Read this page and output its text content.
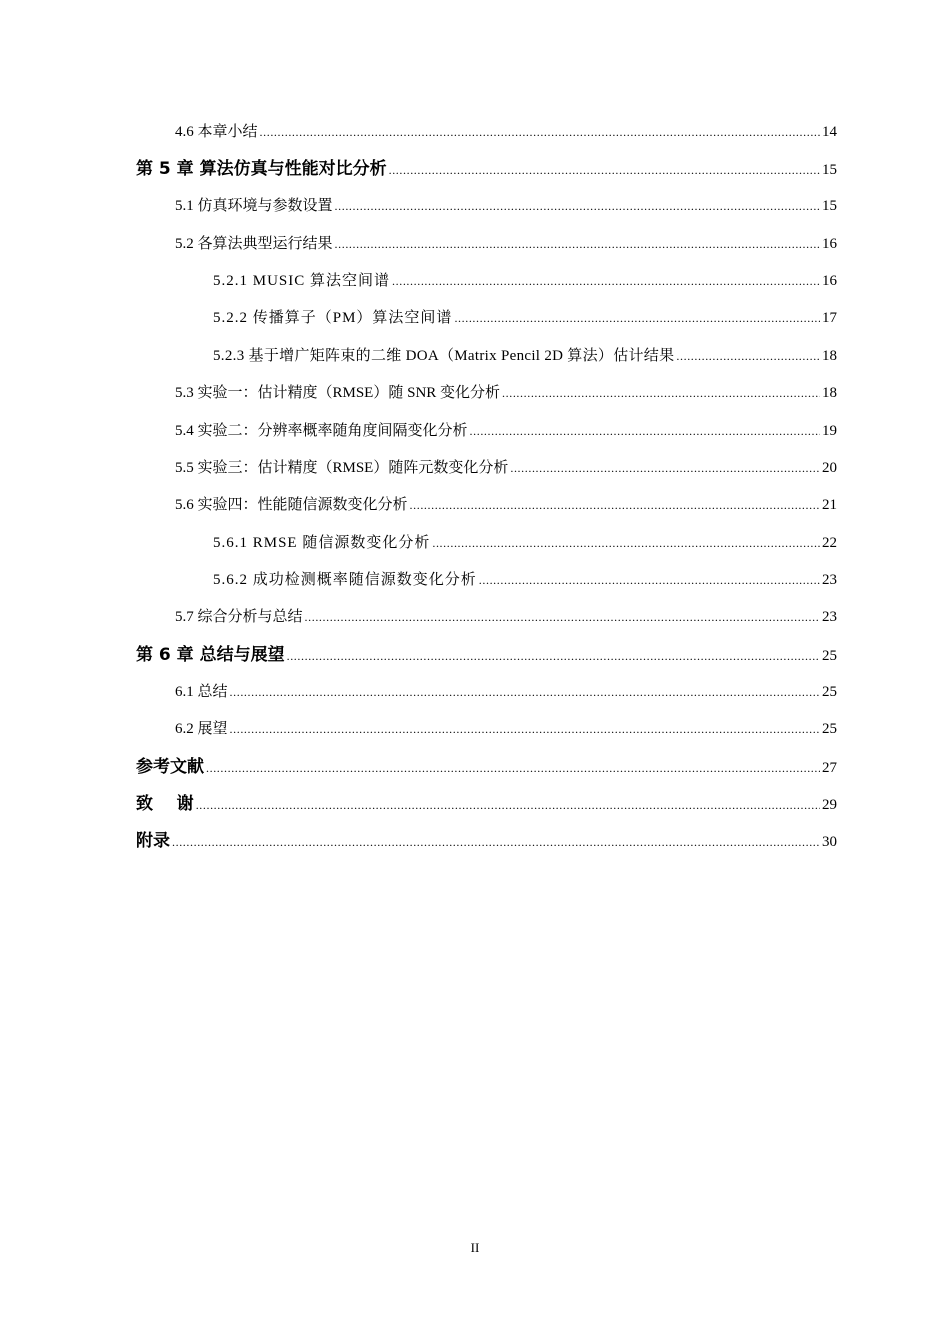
4.6 本章小结 .....	14
第 5 章 算法仿真与性能对比分析 .....	15
5.1 仿真环境与参数设置 .....	15
5.2 各算法典型运行结果 .....	16
5.2.1 MUSIC 算法空间谱 .....	16
5.2.2 传播算子（PM）算法空间谱 .....	17
5.2.3 基于增广矩阵束的二维 DOA（Matrix Pencil 2D 算法）估计结果 .....	18
5.3 实验一：估计精度（RMSE）随 SNR 变化分析 .....	18
5.4 实验二：分辨率概率随角度间隔变化分析 .....	19
5.5 实验三：估计精度（RMSE）随阵元数变化分析 .....	20
5.6 实验四：性能随信源数变化分析 .....	21
5.6.1 RMSE 随信源数变化分析 .....	22
5.6.2 成功检测概率随信源数变化分析 .....	23
5.7 综合分析与总结 .....	23
第 6 章 总结与展望 .....	25
6.1 总结 .....	25
6.2 展望 .....	25
参考文献 .....	27
致    谢 .....	29
附录 .....	30
II
